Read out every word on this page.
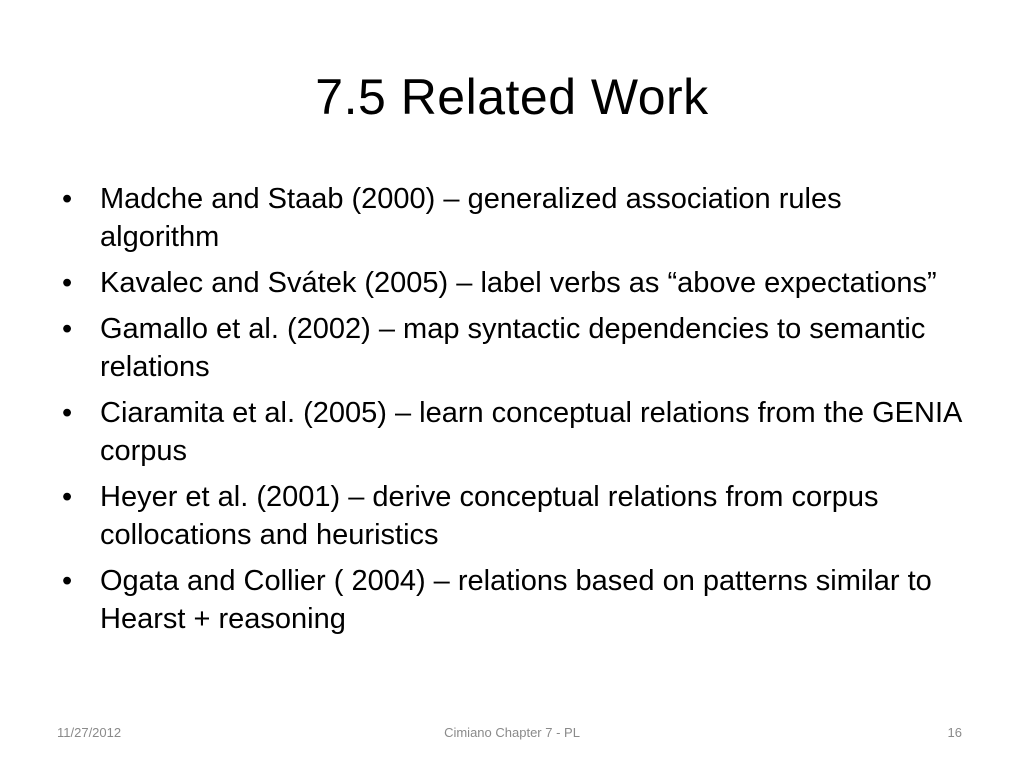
7.5 Related Work
• Madche and Staab (2000) – generalized association rules algorithm
• Kavalec and Svátek (2005) – label verbs as “above expectations”
• Gamallo et al. (2002) – map syntactic dependencies to semantic relations
• Ciaramita et al. (2005) – learn conceptual relations from the GENIA corpus
• Heyer et al. (2001) – derive conceptual relations from corpus collocations and heuristics
• Ogata and Collier ( 2004) – relations based on patterns similar to Hearst + reasoning
11/27/2012	Cimiano Chapter 7 - PL	16
